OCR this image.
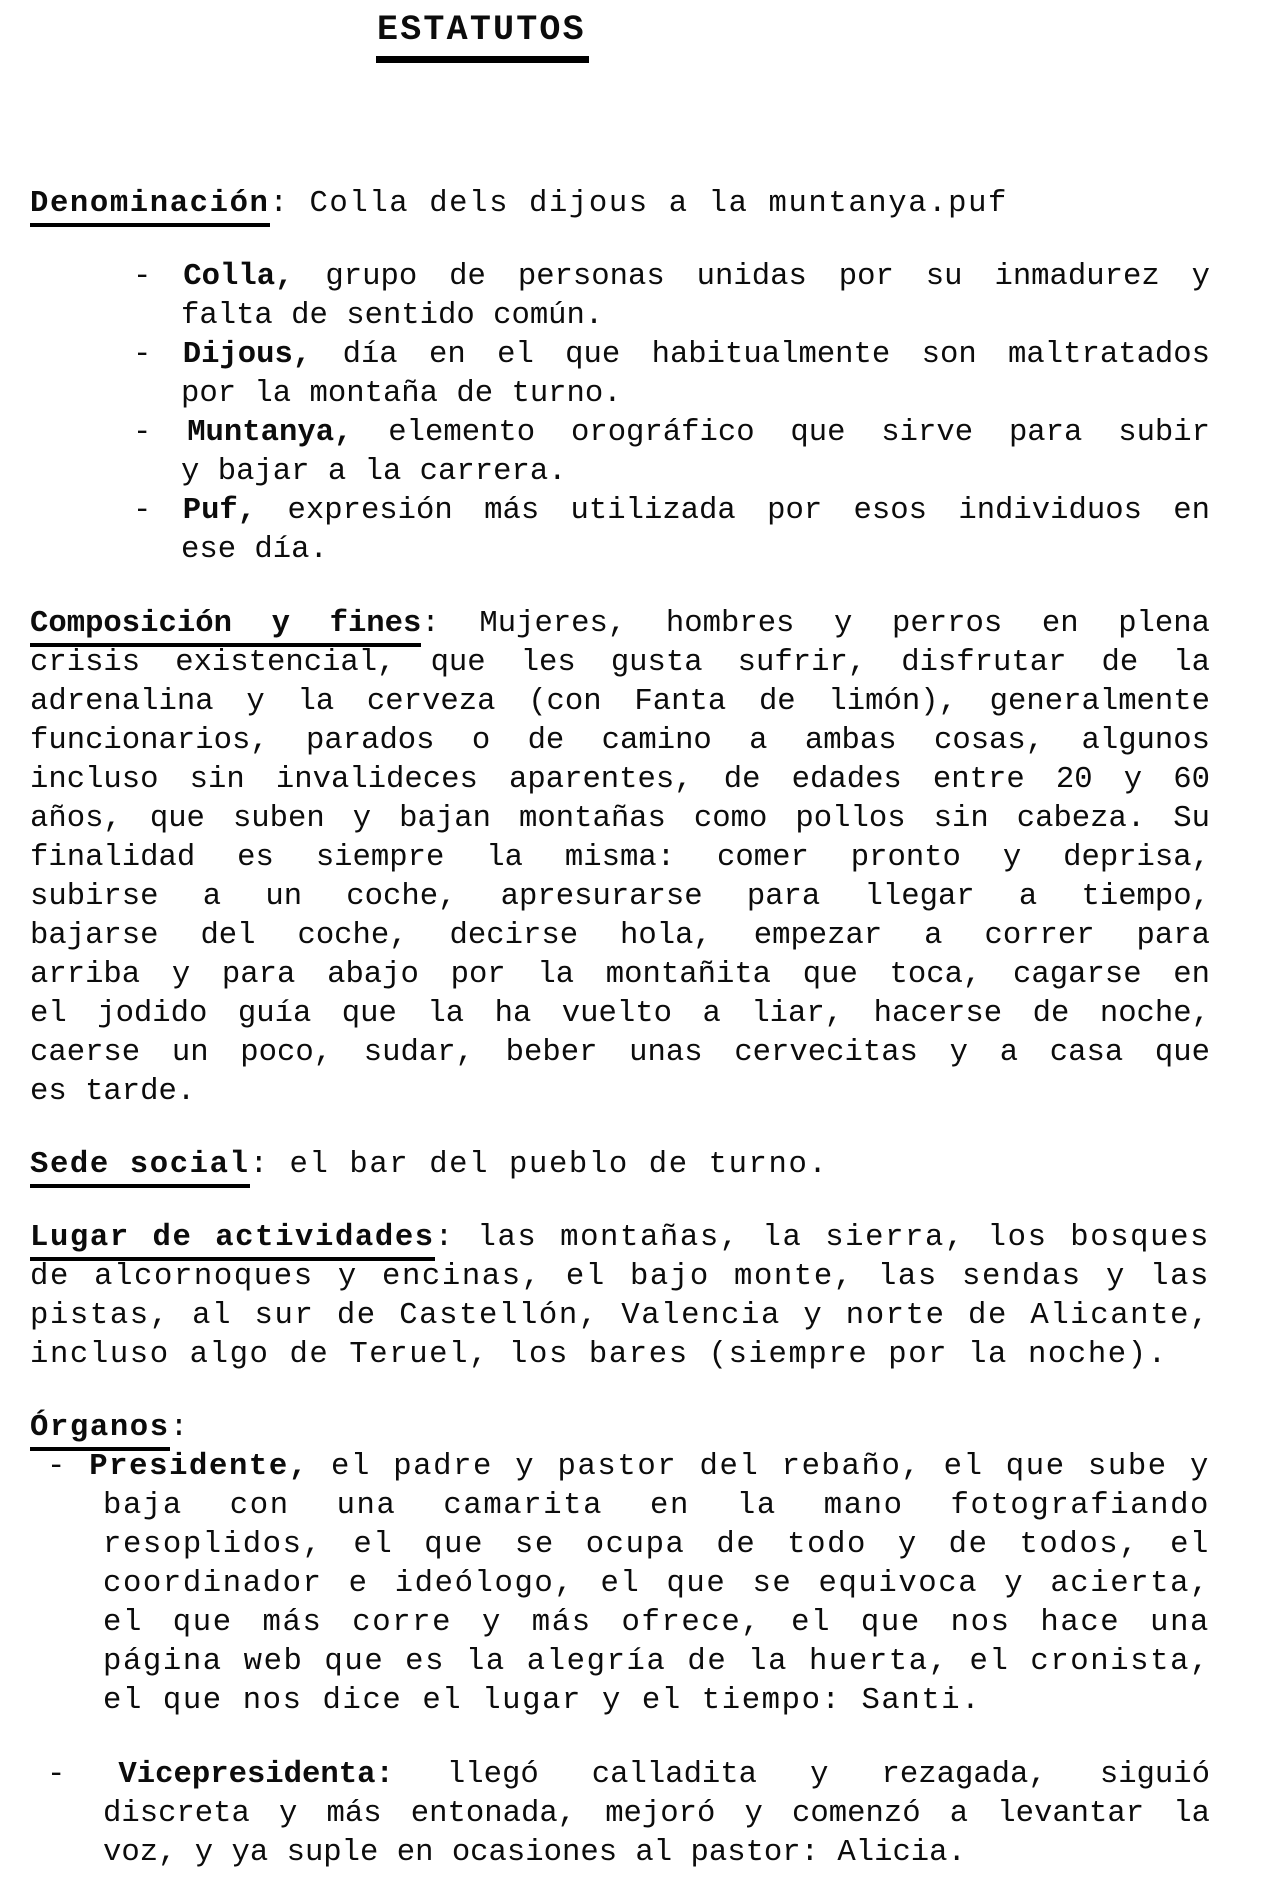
ESTATUTOS
Denominación: Colla dels dijous a la muntanya.puf
- Colla, grupo de personas unidas por su inmadurez y
falta de sentido común.
- Dijous, día en el que habitualmente son maltratados
por la montaña de turno.
- Muntanya, elemento orográfico que sirve para subir
y bajar a la carrera.
- Puf, expresión más utilizada por esos individuos en
ese día.
Composición y fines: Mujeres, hombres y perros en plena
crisis existencial, que les gusta sufrir, disfrutar de la
adrenalina y la cerveza (con Fanta de limón), generalmente
funcionarios, parados o de camino a ambas cosas, algunos
incluso sin invalideces aparentes, de edades entre 20 y 60
años, que suben y bajan montañas como pollos sin cabeza. Su
finalidad es siempre la misma: comer pronto y deprisa,
subirse a un coche, apresurarse para llegar a tiempo,
bajarse del coche, decirse hola, empezar a correr para
arriba y para abajo por la montañita que toca, cagarse en
el jodido guía que la ha vuelto a liar, hacerse de noche,
caerse un poco, sudar, beber unas cervecitas y a casa que
es tarde.
Sede social: el bar del pueblo de turno.
Lugar de actividades: las montañas, la sierra, los bosques
de alcornoques y encinas, el bajo monte, las sendas y las
pistas, al sur de Castellón, Valencia y norte de Alicante,
incluso algo de Teruel, los bares (siempre por la noche).
Órganos:
- Presidente, el padre y pastor del rebaño, el que sube y
baja con una camarita en la mano fotografiando
resoplidos, el que se ocupa de todo y de todos, el
coordinador e ideólogo, el que se equivoca y acierta,
el que más corre y más ofrece, el que nos hace una
página web que es la alegría de la huerta, el cronista,
el que nos dice el lugar y el tiempo: Santi.
- Vicepresidenta: llegó calladita y rezagada, siguió
discreta y más entonada, mejoró y comenzó a levantar la
voz, y ya suple en ocasiones al pastor: Alicia.
